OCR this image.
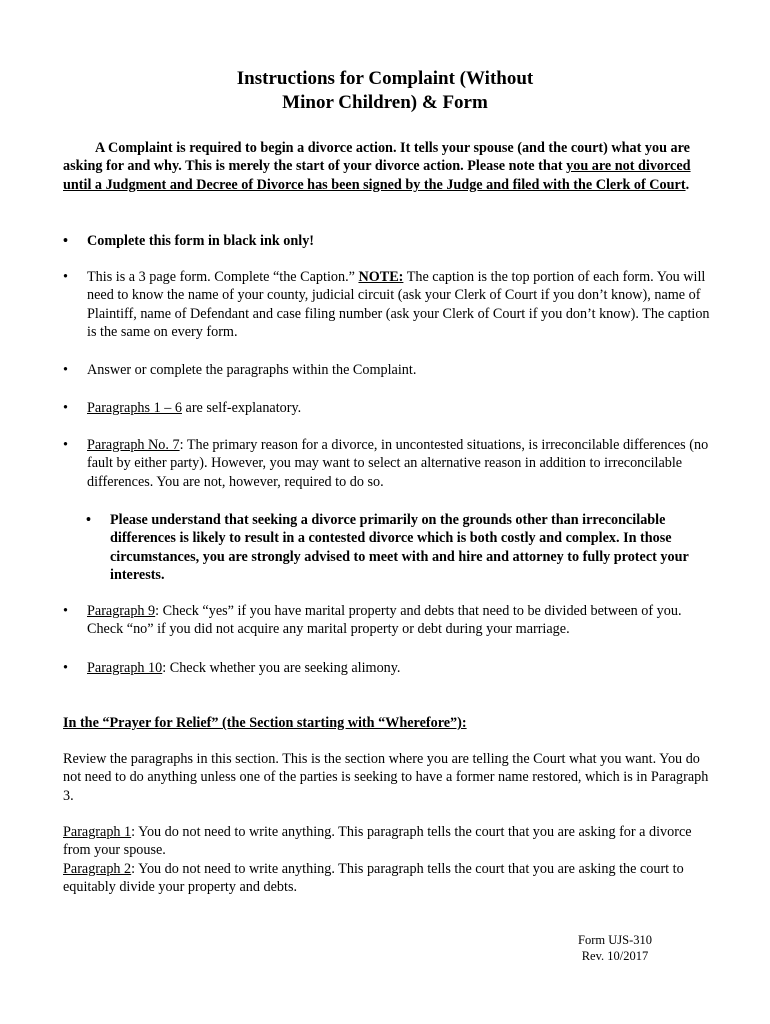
Instructions for Complaint (Without
Minor Children) & Form
A Complaint is required to begin a divorce action. It tells your spouse (and the court) what you are asking for and why. This is merely the start of your divorce action. Please note that you are not divorced until a Judgment and Decree of Divorce has been signed by the Judge and filed with the Clerk of Court.
•	Complete this form in black ink only!
•	This is a 3 page form. Complete “the Caption.” NOTE: The caption is the top portion of each form. You will need to know the name of your county, judicial circuit (ask your Clerk of Court if you don’t know), name of Plaintiff, name of Defendant and case filing number (ask your Clerk of Court if you don’t know). The caption is the same on every form.
•	Answer or complete the paragraphs within the Complaint.
•	Paragraphs 1 – 6 are self-explanatory.
•	Paragraph No. 7: The primary reason for a divorce, in uncontested situations, is irreconcilable differences (no fault by either party). However, you may want to select an alternative reason in addition to irreconcilable differences. You are not, however, required to do so.
•	Please understand that seeking a divorce primarily on the grounds other than irreconcilable differences is likely to result in a contested divorce which is both costly and complex. In those circumstances, you are strongly advised to meet with and hire and attorney to fully protect your interests.
•	Paragraph 9: Check “yes” if you have marital property and debts that need to be divided between of you. Check “no” if you did not acquire any marital property or debt during your marriage.
•	Paragraph 10: Check whether you are seeking alimony.
In the “Prayer for Relief” (the Section starting with “Wherefore”):
Review the paragraphs in this section. This is the section where you are telling the Court what you want. You do not need to do anything unless one of the parties is seeking to have a former name restored, which is in Paragraph 3.
Paragraph 1: You do not need to write anything. This paragraph tells the court that you are asking for a divorce from your spouse.
Paragraph 2: You do not need to write anything. This paragraph tells the court that you are asking the court to equitably divide your property and debts.
Form UJS-310
Rev. 10/2017
